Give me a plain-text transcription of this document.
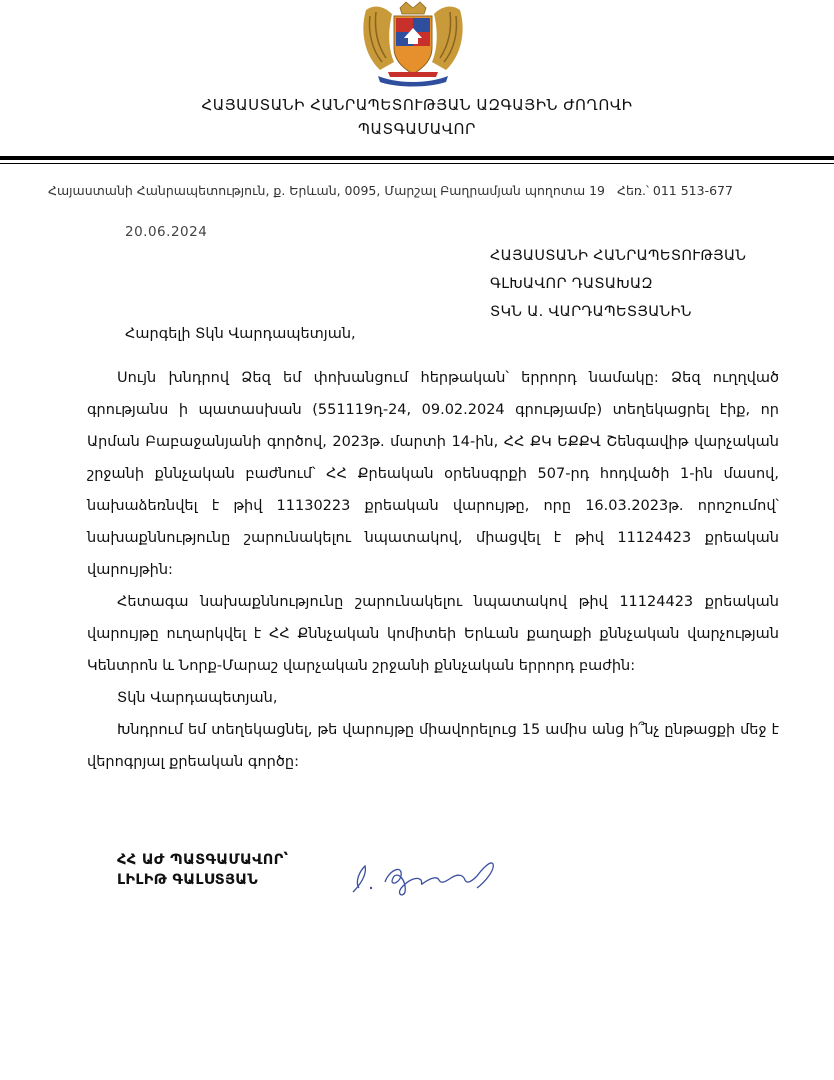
ՀԱՅԱՍՏԱՆԻ ՀԱՆՐԱՊԵՏՈՒԹՅԱՆ ԱԶԳԱՅԻՆ ԺՈՂՈՎԻ
ՊԱՏԳԱՄԱՎՈՐ
Հայաստանի Հանրապետություն, ք. Երևան, 0095, Մարշալ Բաղրամյան պողոտա 19 Հեռ.՝ 011 513-677
20.06.2024
ՀԱՅԱՍՏԱՆԻ ՀԱՆՐԱՊԵՏՈՒԹՅԱՆ
ԳԼԽԱՎՈՐ ԴԱՏԱԽԱԶ
ՏԿՆ Ա. ՎԱՐԴԱՊԵՏՅԱՆԻՆ
Հարգելի Տկն Վարդապետյան,

Սույն խնդրով Ձեզ եմ փոխանցում հերթական՝ երրորդ նամակը: Ձեզ ուղղված գրությանս ի պատասխան (551119դ-24, 09.02.2024 գրությամբ) տեղեկացրել էիք, որ Արման Բաբաջանյանի գործով, 2023թ. մարտի 14-ին, ՀՀ ՔԿ ԵՔՔՎ Շենգավիթ վարչական շրջանի քննչական բաժնում՝ ՀՀ Քրեական օրենսգրքի 507-րդ հոդվածի 1-ին մասով, նախաձեռնվել է թիվ 11130223 քրեական վարույթը, որը 16.03.2023թ. որոշումով՝ նախաքննությունը շարունակելու նպատակով, միացվել է թիվ 11124423 քրեական վարույթին:

Հետագա նախաքննությունը շարունակելու նպատակով թիվ 11124423 քրեական վարույթը ուղարկվել է ՀՀ Քննչական կոմիտեի Երևան քաղաքի քննչական վարչության Կենտրոն և Նորք-Մարաշ վարչական շրջանի քննչական երրորդ բաժին:

Տկն Վարդապետյան,

Խնդրում եմ տեղեկացնել, թե վարույթը միավորելուց 15 ամիս անց ի՞նչ ընթացքի մեջ է վերոգրյալ քրեական գործը:

ՀՀ ԱԺ ՊԱՏԳԱՄԱՎՈՐ՝
ԼԻԼԻԹ ԳԱԼՍՏՅԱՆ
